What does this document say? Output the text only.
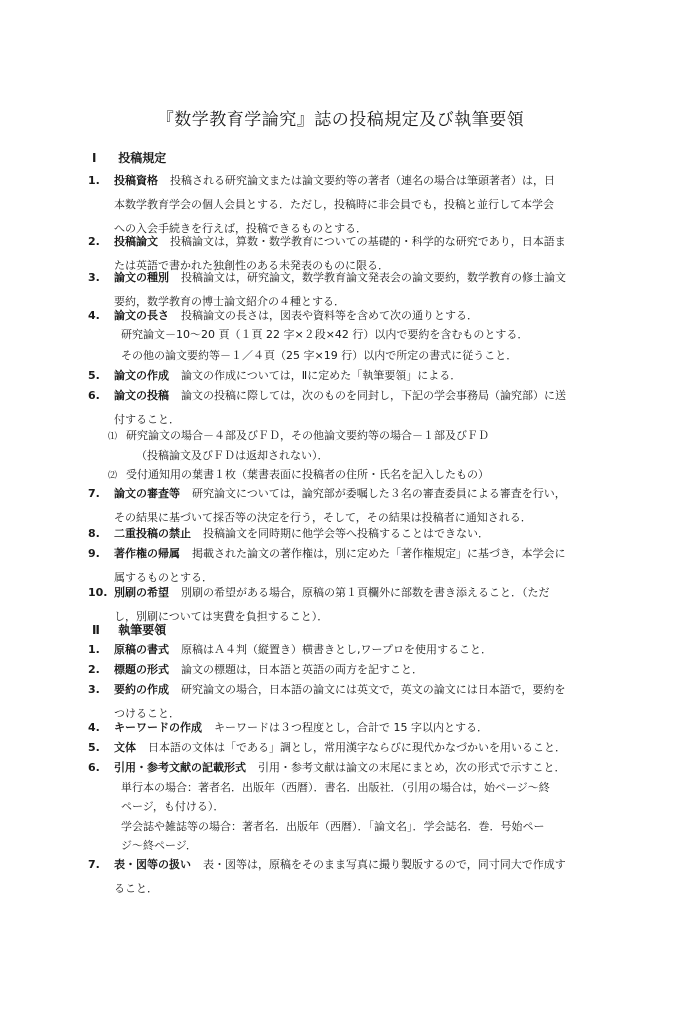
『数学教育学論究』誌の投稿規定及び執筆要領
Ⅰ 投稿規定
1. 投稿資格 投稿される研究論文または論文要約等の著者（連名の場合は筆頭著者）は，日
本数学教育学会の個人会員とする．ただし，投稿時に非会員でも，投稿と並行して本学会
への入会手続きを行えば，投稿できるものとする．
2. 投稿論文 投稿論文は，算数・数学教育についての基礎的・科学的な研究であり，日本語ま
たは英語で書かれた独創性のある未発表のものに限る．
3. 論文の種別 投稿論文は，研究論文，数学教育論文発表会の論文要約，数学教育の修士論文
要約，数学教育の博士論文紹介の４種とする．
4. 論文の長さ 投稿論文の長さは，図表や資料等を含めて次の通りとする．
研究論文－10～20 頁（１頁 22 字×２段×42 行）以内で要約を含むものとする．
その他の論文要約等－１／４頁（25 字×19 行）以内で所定の書式に従うこと．
5. 論文の作成 論文の作成については，Ⅱに定めた「執筆要領」による．
6. 論文の投稿 論文の投稿に際しては，次のものを同封し，下記の学会事務局（論究部）に送
付すること．
⑴ 研究論文の場合－４部及びＦＤ，その他論文要約等の場合－１部及びＦＤ
（投稿論文及びＦＤは返却されない）．
⑵ 受付通知用の葉書１枚（葉書表面に投稿者の住所・氏名を記入したもの）
7. 論文の審査等 研究論文については，論究部が委嘱した３名の審査委員による審査を行い，
その結果に基づいて採否等の決定を行う，そして，その結果は投稿者に通知される．
8. 二重投稿の禁止 投稿論文を同時期に他学会等へ投稿することはできない．
9. 著作権の帰属 掲載された論文の著作権は，別に定めた「著作権規定」に基づき，本学会に
属するものとする．
10. 別刷の希望 別刷の希望がある場合，原稿の第１頁欄外に部数を書き添えること．（ただ
し，別刷については実費を負担すること）．
Ⅱ 執筆要領
1. 原稿の書式 原稿はＡ４判（縦置き）横書きとし,ワープロを使用すること．
2. 標題の形式 論文の標題は，日本語と英語の両方を記すこと．
3. 要約の作成 研究論文の場合，日本語の論文には英文で，英文の論文には日本語で，要約を
つけること．
4. キーワードの作成 キーワードは３つ程度とし，合計で 15 字以内とする．
5. 文体 日本語の文体は「である」調とし，常用漢字ならびに現代かなづかいを用いること．
6. 引用・参考文献の記載形式 引用・参考文献は論文の末尾にまとめ，次の形式で示すこと．
単行本の場合：著者名．出版年（西暦）．書名．出版社．（引用の場合は，始ページ～終
ページ，も付ける）．
学会誌や雑誌等の場合：著者名．出版年（西暦）．「論文名」．学会誌名．巻．号始ペー
ジ～終ページ．
7. 表・図等の扱い 表・図等は，原稿をそのまま写真に撮り製版するので，同寸同大で作成す
ること．
